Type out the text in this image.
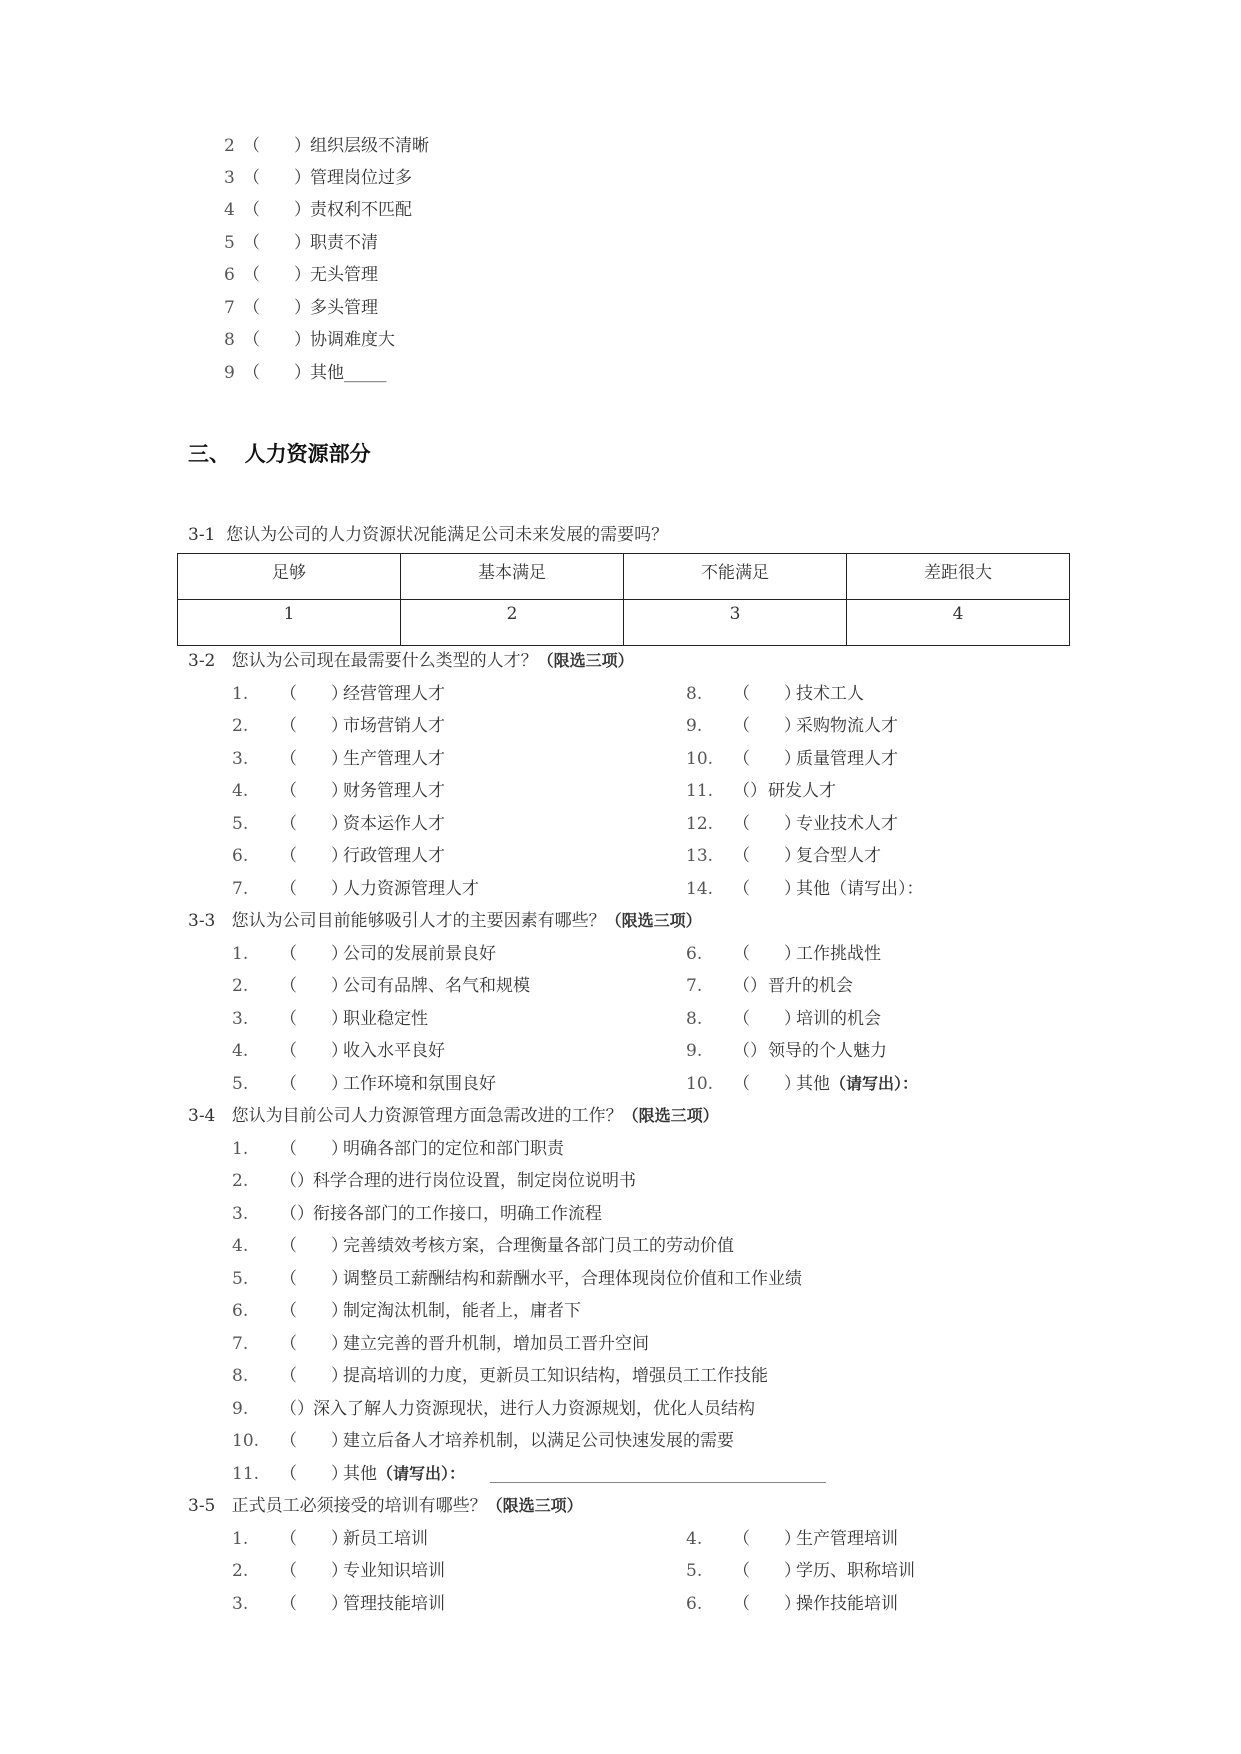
2 （　　） 组织层级不清晰
3 （　　） 管理岗位过多
4 （　　） 责权利不匹配
5 （　　） 职责不清
6 （　　） 无头管理
7 （　　） 多头管理
8 （　　） 协调难度大
9 （　　） 其他_____
三、  人力资源部分
3-1  您认为公司的人力资源状况能满足公司未来发展的需要吗？
足够	基本满足	不能满足	差距很大
1	2	3	4
3-2   您认为公司现在最需要什么类型的人才？（限选三项）
1. （　　）
经营管理人才
2. （　　）
市场营销人才
3. （　　）
生产管理人才
4. （　　）
财务管理人才
5. （　　）
资本运作人才
6. （　　）
行政管理人才
7. （　　）
人力资源管理人才
8. （　　）
技术工人
9. （　　）
采购物流人才
10. （　　）
质量管理人才
11. （） 研发人才
12. （　　）
专业技术人才
13. （　　）
复合型人才
14. （　　）
其他（请写出）：
3-3   您认为公司目前能够吸引人才的主要因素有哪些？（限选三项）
1. （　　）
公司的发展前景良好
2. （　　）
公司有品牌、名气和规模
3. （　　）
职业稳定性
4. （　　）
收入水平良好
5. （　　）
工作环境和氛围良好
6. （　　）
工作挑战性
7. （） 晋升的机会
8. （　　）
培训的机会
9. （） 领导的个人魅力
10. （　　）
其他（请写出）：
3-4   您认为目前公司人力资源管理方面急需改进的工作？（限选三项）
1. （　　）
明确各部门的定位和部门职责
2. （） 科学合理的进行岗位设置，制定岗位说明书
3. （） 衔接各部门的工作接口，明确工作流程
4. （　　）
完善绩效考核方案，合理衡量各部门员工的劳动价值
5. （　　）
调整员工薪酬结构和薪酬水平，合理体现岗位价值和工作业绩
6. （　　）
制定淘汰机制，能者上，庸者下
7. （　　）
建立完善的晋升机制，增加员工晋升空间
8. （　　）
提高培训的力度，更新员工知识结构，增强员工工作技能
9. （） 深入了解人力资源现状，进行人力资源规划，优化人员结构
10. （　　）
建立后备人才培养机制，以满足公司快速发展的需要
11. （　　）
其他（请写出）： __________________________________________
3-5   正式员工必须接受的培训有哪些？（限选三项）
1. （　　）
新员工培训
2. （　　）
专业知识培训
3. （　　）
管理技能培训
4. （　　）
生产管理培训
5. （　　）
学历、职称培训
6. （　　）
操作技能培训
